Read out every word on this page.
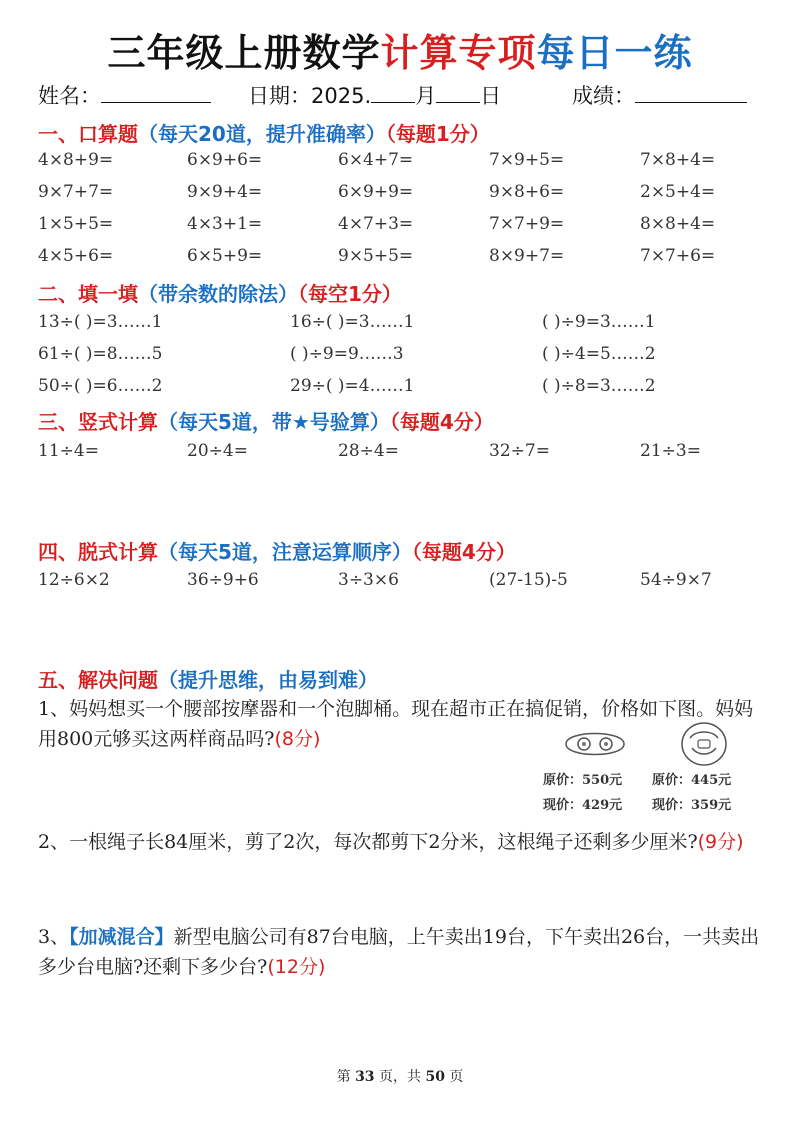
三年级上册数学计算专项每日一练
姓名：	日期：2025. 月 日	成绩：
一、口算题（每天20道，提升准确率）（每题1分）
4×8+9=	6×9+6=	6×4+7=	7×9+5=	7×8+4=
9×7+7=	9×9+4=	6×9+9=	9×8+6=	2×5+4=
1×5+5=	4×3+1=	4×7+3=	7×7+9=	8×8+4=
4×5+6=	6×5+9=	9×5+5=	8×9+7=	7×7+6=
二、填一填（带余数的除法）（每空1分）
13÷( )=3……1	16÷( )=3……1	( )÷9=3……1
61÷( )=8……5	( )÷9=9……3	( )÷4=5……2
50÷( )=6……2	29÷( )=4……1	( )÷8=3……2
三、竖式计算（每天5道，带★号验算）（每题4分）
11÷4=	20÷4=	28÷4=	32÷7=	21÷3=
四、脱式计算（每天5道，注意运算顺序）（每题4分）
12÷6×2	36÷9+6	3÷3×6	(27-15)-5	54÷9×7
五、解决问题（提升思维，由易到难）
1、妈妈想买一个腰部按摩器和一个泡脚桶。现在超市正在搞促销，价格如下图。妈妈用800元够买这两样商品吗?(8分)
原价：550元 原价：445元
现价：429元 现价：359元
2、一根绳子长84厘米，剪了2次，每次都剪下2分米，这根绳子还剩多少厘米?(9分)
3、【加减混合】新型电脑公司有87台电脑，上午卖出19台，下午卖出26台，一共卖出多少台电脑?还剩下多少台?(12分)
第 33 页，共 50 页
